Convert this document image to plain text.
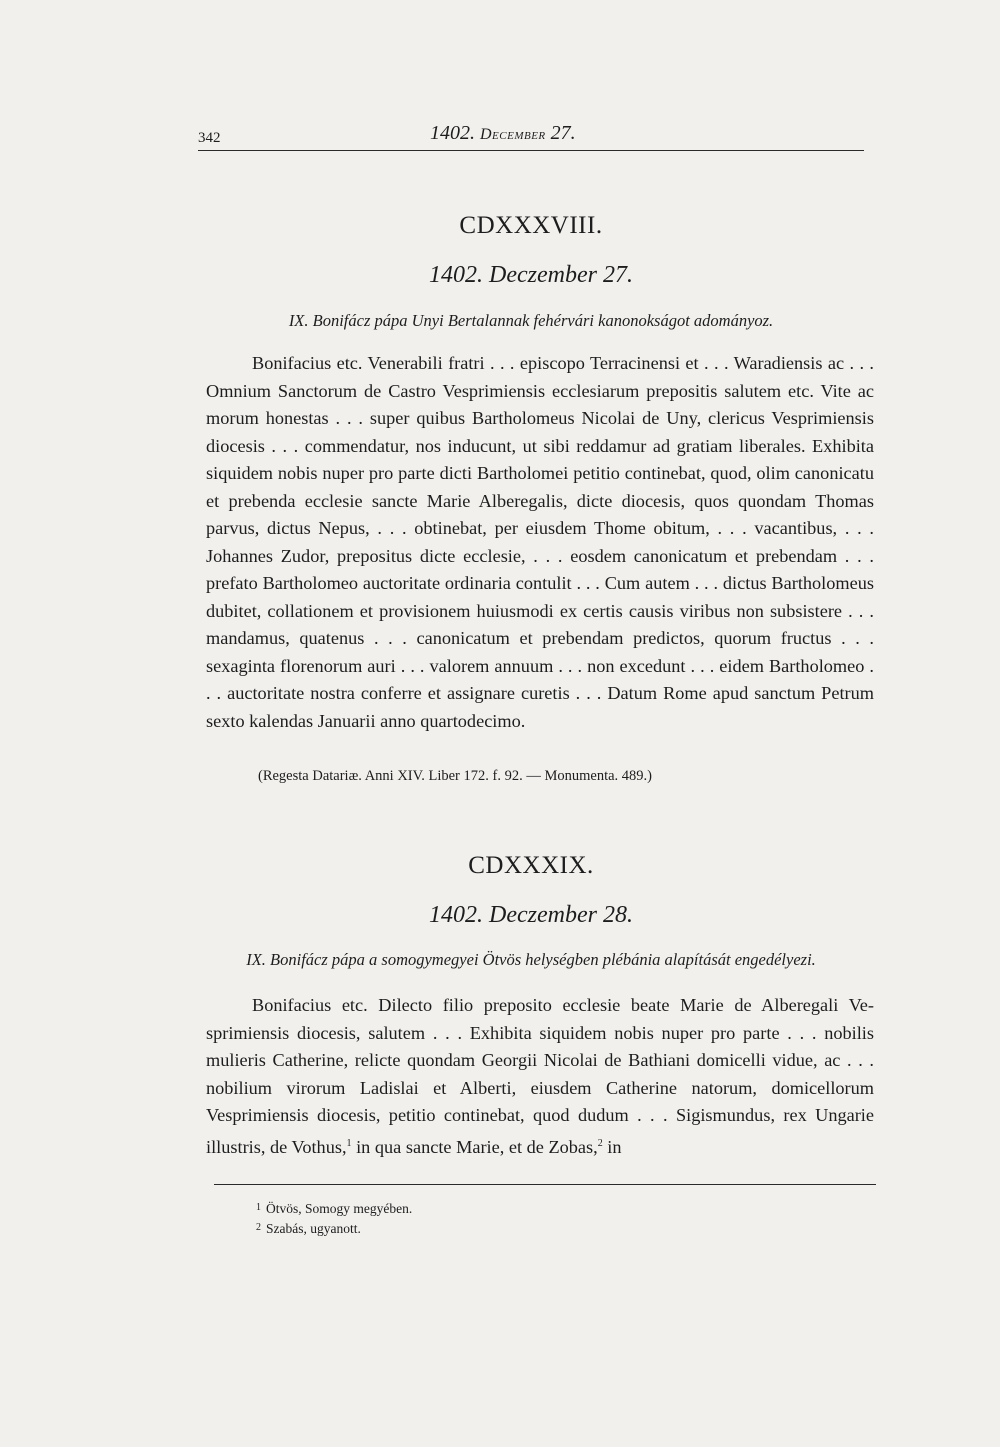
342	1402. December 27.
CDXXXVIII.
1402. Deczember 27.
IX. Bonifácz pápa Unyi Bertalannak fehérvári kanonokságot adományoz.

Bonifacius etc. Venerabili fratri . . . episcopo Terracinensi et . . . Waradiensis ac . . . Omnium Sanctorum de Castro Vesprimiensis ecclesiarum prepositis salutem etc. Vite ac morum honestas . . . super quibus Bartholomeus Nicolai de Uny, clericus Vesprimiensis diocesis . . . commendatur, nos inducunt, ut sibi reddamur ad gratiam liberales. Exhibita siquidem nobis nuper pro parte dicti Bartholomei petitio continebat, quod, olim canonicatu et prebenda ecclesie sancte Marie Alberegalis, dicte diocesis, quos quondam Thomas parvus, dictus Nepus, . . . obtinebat, per eiusdem Thome obitum, . . . vacantibus, . . . Johannes Zudor, prepositus dicte ecclesie, . . . eosdem canonicatum et prebendam . . . prefato Bartholomeo auctoritate ordinaria contulit . . . Cum autem . . . dictus Bartholomeus dubitet, collationem et provisionem huiusmodi ex certis causis viribus non subsistere . . . mandamus, quatenus . . . canonicatum et prebendam predictos, quorum fructus . . . sexaginta florenorum auri . . . valorem annuum . . . non excedunt . . . eidem Bartholomeo . . . auctoritate nostra conferre et assignare curetis . . . Datum Rome apud sanctum Petrum sexto kalendas Januarii anno quartodecimo.

(Regesta Datariæ. Anni XIV. Liber 172. f. 92. — Monumenta. 489.)
CDXXXIX.
1402. Deczember 28.
IX. Bonifácz pápa a somogymegyei Ötvös helységben plébánia alapítását engedélyezi.

Bonifacius etc. Dilecto filio preposito ecclesie beate Marie de Alberegali Vesprimiensis diocesis, salutem . . . Exhibita siquidem nobis nuper pro parte . . . nobilis mulieris Catherine, relicte quondam Georgii Nicolai de Bathiani domicelli vidue, ac . . . nobilium virorum Ladislai et Alberti, eiusdem Catherine natorum, domicellorum Vesprimiensis diocesis, petitio continebat, quod dudum . . . Sigismundus, rex Ungarie illustris, de Vothus,$^1$ in qua sancte Marie, et de Zobas,$^2$ in

$^1$ Ötvös, Somogy megyében.
$^2$ Szabás, ugyanott.
